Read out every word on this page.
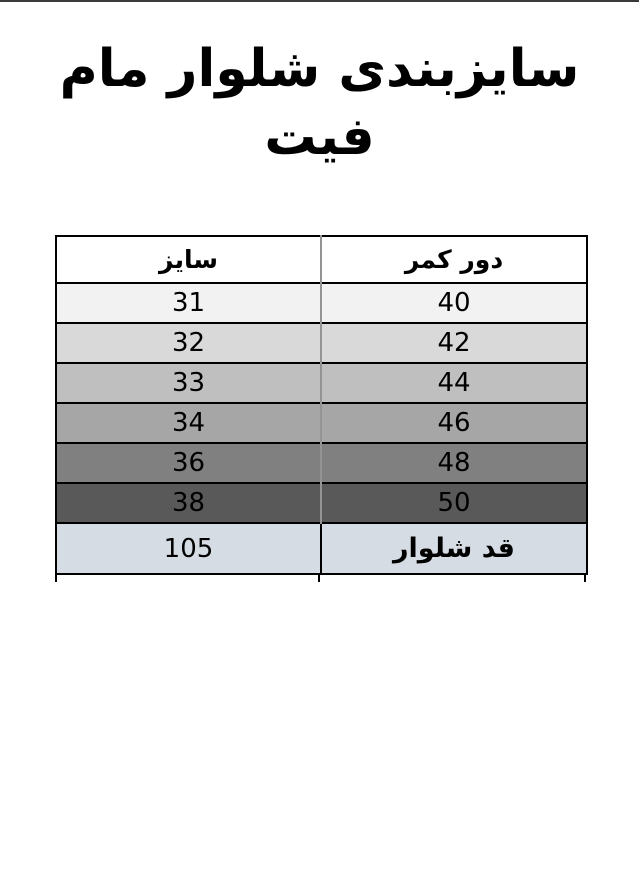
سایزبندی شلوار مام فیت
سایز	دور کمر
31	40
32	42
33	44
34	46
36	48
38	50
105	قد شلوار
